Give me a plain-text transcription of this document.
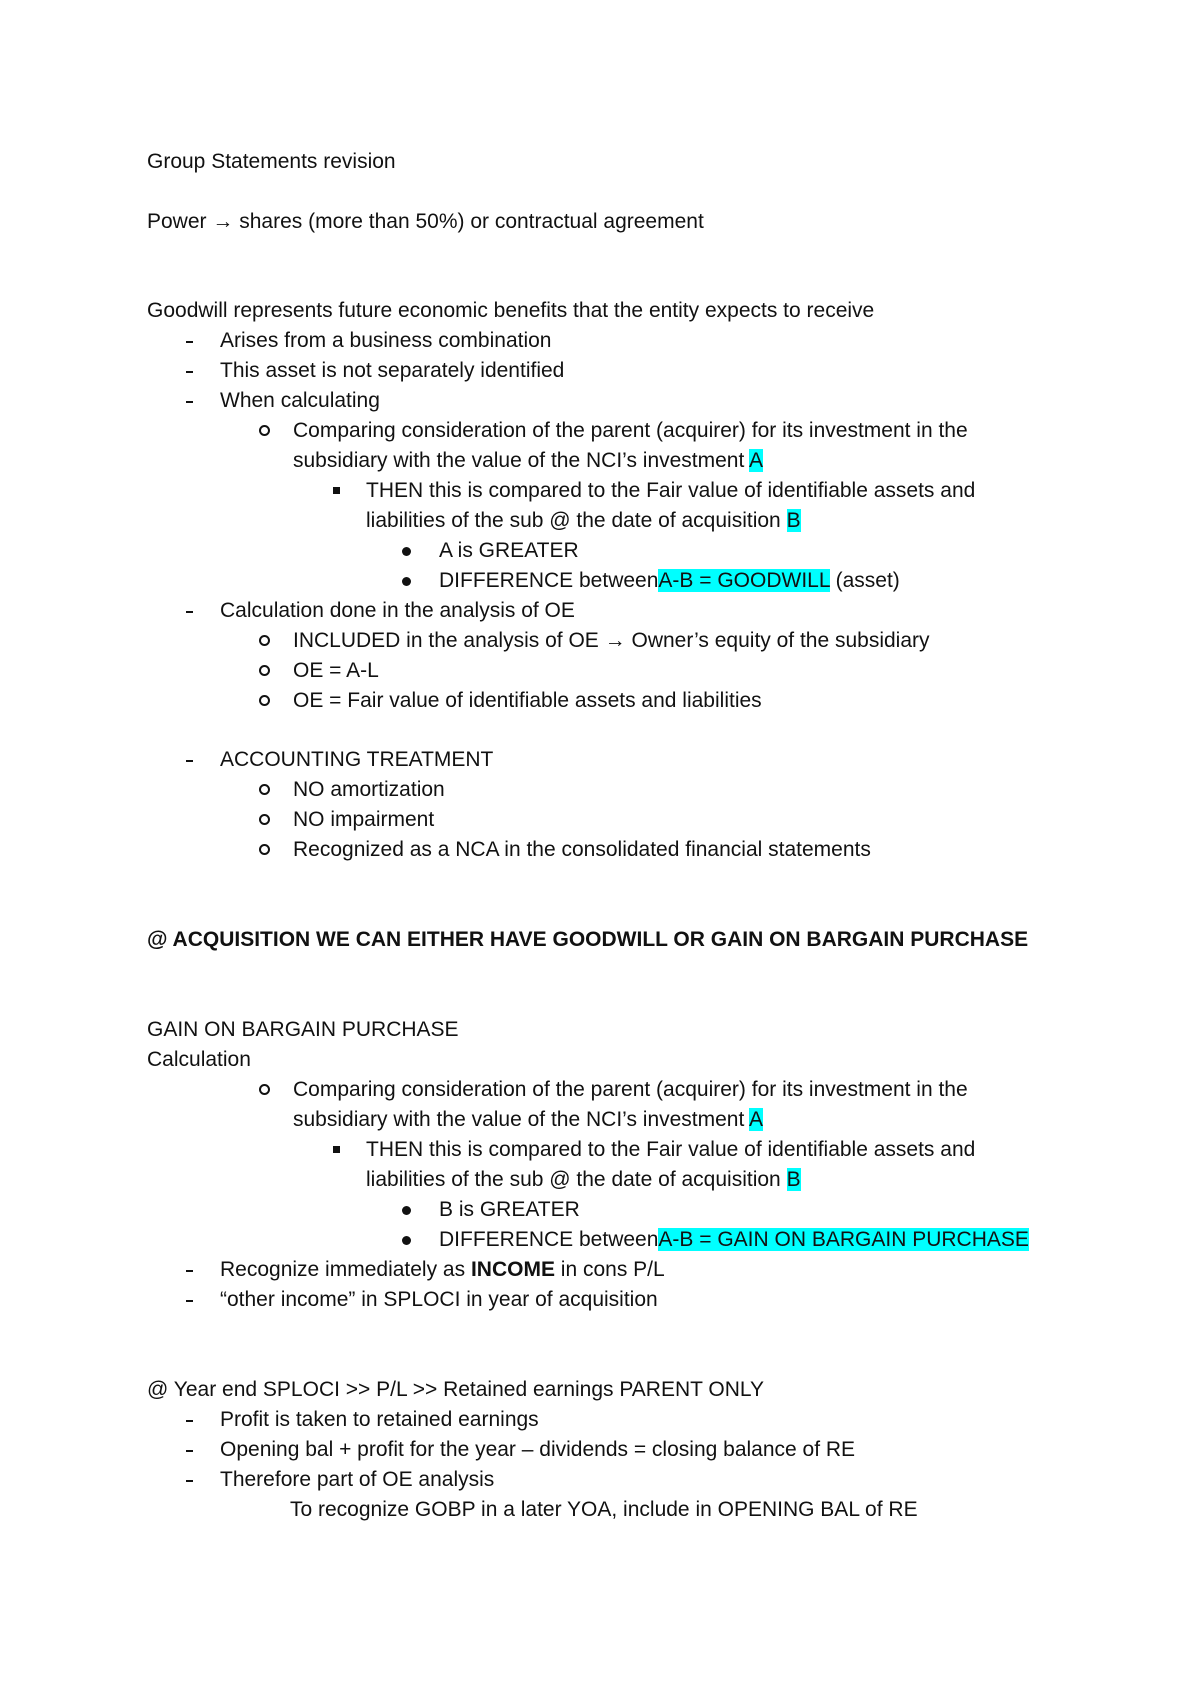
Group Statements revision
Power → shares (more than 50%) or contractual agreement
Goodwill represents future economic benefits that the entity expects to receive
Arises from a business combination
This asset is not separately identified
When calculating
Comparing consideration of the parent (acquirer) for its investment in the
subsidiary with the value of the NCI’s investment A
THEN this is compared to the Fair value of identifiable assets and
liabilities of the sub @ the date of acquisition B
A is GREATER
DIFFERENCE betweenA-B = GOODWILL (asset)
Calculation done in the analysis of OE
INCLUDED in the analysis of OE → Owner’s equity of the subsidiary
OE = A-L
OE = Fair value of identifiable assets and liabilities
ACCOUNTING TREATMENT
NO amortization
NO impairment
Recognized as a NCA in the consolidated financial statements
@ ACQUISITION WE CAN EITHER HAVE GOODWILL OR GAIN ON BARGAIN PURCHASE
GAIN ON BARGAIN PURCHASE
Calculation
Comparing consideration of the parent (acquirer) for its investment in the
subsidiary with the value of the NCI’s investment A
THEN this is compared to the Fair value of identifiable assets and
liabilities of the sub @ the date of acquisition B
B is GREATER
DIFFERENCE betweenA-B = GAIN ON BARGAIN PURCHASE
Recognize immediately as INCOME in cons P/L
“other income” in SPLOCI in year of acquisition
@ Year end SPLOCI >> P/L >> Retained earnings PARENT ONLY
Profit is taken to retained earnings
Opening bal + profit for the year – dividends = closing balance of RE
Therefore part of OE analysis
To recognize GOBP in a later YOA, include in OPENING BAL of RE
